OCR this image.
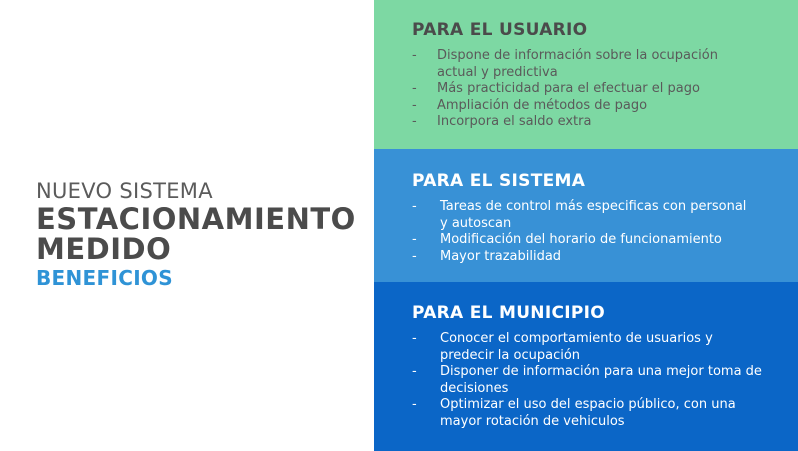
NUEVO SISTEMA
ESTACIONAMIENTO
MEDIDO
BENEFICIOS
PARA EL USUARIO
- Dispone de información sobre la ocupación actual y predictiva
- Más practicidad para el efectuar el pago
- Ampliación de métodos de pago
- Incorpora el saldo extra
PARA EL SISTEMA
- Tareas de control más especificas con personal y autoscan
- Modificación del horario de funcionamiento
- Mayor trazabilidad
PARA EL MUNICIPIO
- Conocer el comportamiento de usuarios y predecir la ocupación
- Disponer de información para una mejor toma de decisiones
- Optimizar el uso del espacio público, con una mayor rotación de vehiculos
